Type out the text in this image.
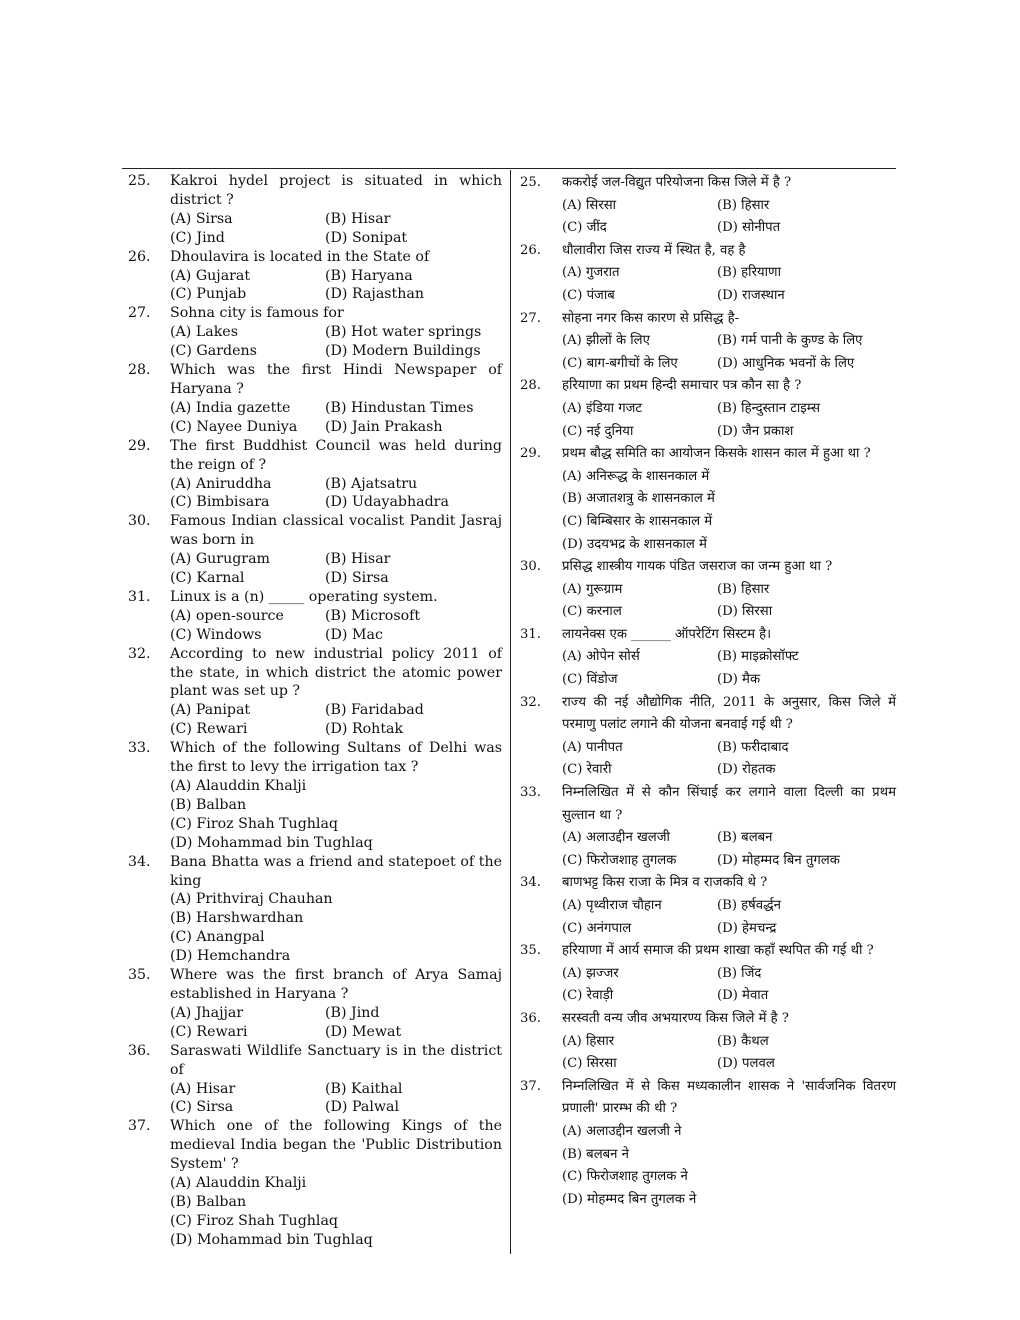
25.	Kakroi hydel project is situated in which district ?
(A) Sirsa	(B) Hisar
(C) Jind	(D) Sonipat
26.	Dhoulavira is located in the State of
(A) Gujarat	(B) Haryana
(C) Punjab	(D) Rajasthan
27.	Sohna city is famous for
(A) Lakes	(B) Hot water springs
(C) Gardens	(D) Modern Buildings
28.	Which was the first Hindi Newspaper of Haryana ?
(A) India gazette	(B) Hindustan Times
(C) Nayee Duniya	(D) Jain Prakash
29.	The first Buddhist Council was held during the reign of ?
(A) Aniruddha	(B) Ajatsatru
(C) Bimbisara	(D) Udayabhadra
30.	Famous Indian classical vocalist Pandit Jasraj was born in
(A) Gurugram	(B) Hisar
(C) Karnal	(D) Sirsa
31.	Linux is a (n) _____ operating system.
(A) open-source	(B) Microsoft
(C) Windows	(D) Mac
32.	According to new industrial policy 2011 of the state, in which district the atomic power plant was set up ?
(A) Panipat	(B) Faridabad
(C) Rewari	(D) Rohtak
33.	Which of the following Sultans of Delhi was the first to levy the irrigation tax ?
(A) Alauddin Khalji
(B) Balban
(C) Firoz Shah Tughlaq
(D) Mohammad bin Tughlaq
34.	Bana Bhatta was a friend and statepoet of the king
(A) Prithviraj Chauhan
(B) Harshwardhan
(C) Anangpal
(D) Hemchandra
35.	Where was the first branch of Arya Samaj established in Haryana ?
(A) Jhajjar	(B) Jind
(C) Rewari	(D) Mewat
36.	Saraswati Wildlife Sanctuary is in the district of
(A) Hisar	(B) Kaithal
(C) Sirsa	(D) Palwal
37.	Which one of the following Kings of the medieval India began the 'Public Distribution System' ?
(A) Alauddin Khalji
(B) Balban
(C) Firoz Shah Tughlaq
(D) Mohammad bin Tughlaq
25.	ककरोई जल-विद्युत परियोजना किस जिले में है ?
(A) सिरसा	(B) हिसार
(C) जींद	(D) सोनीपत
26.	धौलावीरा जिस राज्य में स्थित है, वह है
(A) गुजरात	(B) हरियाणा
(C) पंजाब	(D) राजस्थान
27.	सोहना नगर किस कारण से प्रसिद्ध है-
(A) झीलों के लिए	(B) गर्म पानी के कुण्ड के लिए
(C) बाग-बगीचों के लिए	(D) आधुनिक भवनों के लिए
28.	हरियाणा का प्रथम हिन्दी समाचार पत्र कौन सा है ?
(A) इंडिया गजट	(B) हिन्दुस्तान टाइम्स
(C) नई दुनिया	(D) जैन प्रकाश
29.	प्रथम बौद्ध समिति का आयोजन किसके शासन काल में हुआ था ?
(A) अनिरूद्ध के शासनकाल में
(B) अजातशत्रु के शासनकाल में
(C) बिम्बिसार के शासनकाल में
(D) उदयभद्र के शासनकाल में
30.	प्रसिद्ध शास्त्रीय गायक पंडित जसराज का जन्म हुआ था ?
(A) गुरूग्राम	(B) हिसार
(C) करनाल	(D) सिरसा
31.	लायनेक्स एक ______ ऑपरेटिंग सिस्टम है।
(A) ओपेन सोर्स	(B) माइक्रोसॉफ्ट
(C) विंडोज	(D) मैक
32.	राज्य की नई औद्योगिक नीति, 2011 के अनुसार, किस जिले में परमाणु पलांट लगाने की योजना बनवाई गई थी ?
(A) पानीपत	(B) फरीदाबाद
(C) रेवारी	(D) रोहतक
33.	निम्नलिखित में से कौन सिंचाई कर लगाने वाला दिल्ली का प्रथम सुल्तान था ?
(A) अलाउद्दीन खलजी	(B) बलबन
(C) फिरोजशाह तुगलक	(D) मोहम्मद बिन तुगलक
34.	बाणभट्ट किस राजा के मित्र व राजकवि थे ?
(A) पृथ्वीराज चौहान	(B) हर्षवर्द्धन
(C) अनंगपाल	(D) हेमचन्द्र
35.	हरियाणा में आर्य समाज की प्रथम शाखा कहाँ स्थपित की गई थी ?
(A) झज्जर	(B) जिंद
(C) रेवाड़ी	(D) मेवात
36.	सरस्वती वन्य जीव अभयारण्य किस जिले में है ?
(A) हिसार	(B) कैथल
(C) सिरसा	(D) पलवल
37.	निम्नलिखित में से किस मध्यकालीन शासक ने 'सार्वजनिक वितरण प्रणाली' प्रारम्भ की थी ?
(A) अलाउद्दीन खलजी ने
(B) बलबन ने
(C) फिरोजशाह तुगलक ने
(D) मोहम्मद बिन तुगलक ने
